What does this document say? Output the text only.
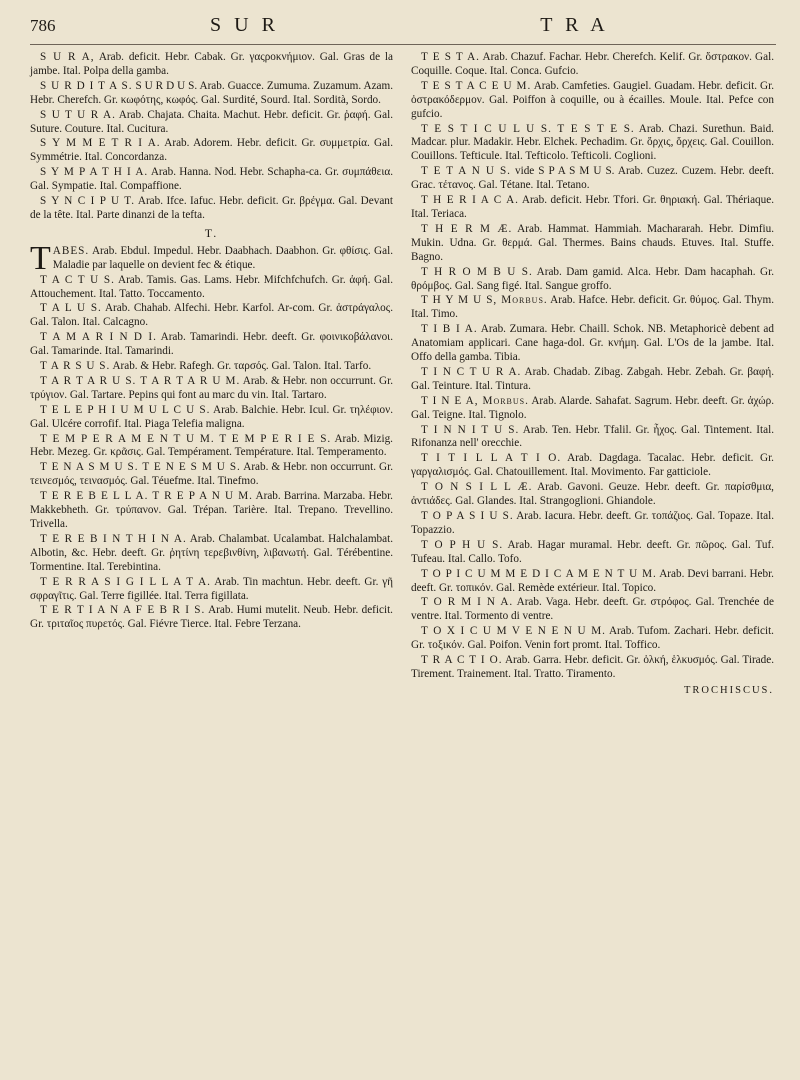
786	S U R	T R A

S U R A, Arab. deficit. Hebr. Cabak. Gr. γαςροκνήμιον. Gal. Gras de la jambe. Ital. Polpa della gamba.

S U R D I T A S. S U R D U S. Arab. Guacce. Zumuma. Zuzamum. Azam. Hebr. Cherefch. Gr. κωφότης, κωφός. Gal. Surdité, Sourd. Ital. Sordità, Sordo.

S U T U R A. Arab. Chajata. Chaita. Machut. Hebr. deficit. Gr. ῥαφή. Gal. Suture. Couture. Ital. Cucitura.

S Y M M E T R I A. Arab. Adorem. Hebr. deficit. Gr. συμμετρία. Gal. Symmétrie. Ital. Concordanza.

S Y M P A T H I A. Arab. Hanna. Nod. Hebr. Schapha-ca. Gr. συμπάθεια. Gal. Sympatie. Ital. Compaffione.

S Y N C I P U T. Arab. Ifce. Iafuc. Hebr. deficit. Gr. βρέγμα. Gal. Devant de la tête. Ital. Parte dinanzi de la tefta.

T.

TABES. Arab. Ebdul. Impedul. Hebr. Daabhach. Daabhon. Gr. φθίσις. Gal. Maladie par laquelle on devient fec & étique.

T A C T U S. Arab. Tamis. Gas. Lams. Hebr. Mifchfchufch. Gr. ἀφή. Gal. Attouchement. Ital. Tatto. Toccamento.

T A L U S. Arab. Chahab. Alfechi. Hebr. Karfol. Ar-com. Gr. ἀστράγαλος. Gal. Talon. Ital. Calcagno.

T A M A R I N D I. Arab. Tamarindi. Hebr. deeft. Gr. φοινικοβάλανοι. Gal. Tamarinde. Ital. Tamarindi.

T A R S U S. Arab. & Hebr. Rafegh. Gr. ταρσός. Gal. Talon. Ital. Tarfo.

T A R T A R U S. T A R T A R U M. Arab. & Hebr. non occurrunt. Gr. τρύγιον. Gal. Tartare. Pepins qui font au marc du vin. Ital. Tartaro.

T E L E P H I U M U L C U S. Arab. Balchie. Hebr. Icul. Gr. τηλέφιον. Gal. Ulcére corrofif. Ital. Piaga Telefia maligna.

T E M P E R A M E N T U M. T E M P E R I E S. Arab. Mizig. Hebr. Mezeg. Gr. κρᾶσις. Gal. Tempérament. Température. Ital. Temperamento.

T E N A S M U S. T E N E S M U S. Arab. & Hebr. non occurrunt. Gr. τεινεσμός, τεινασμός. Gal. Téuefme. Ital. Tinefmo.

T E R E B E L L A. T R E P A N U M. Arab. Barrina. Marzaba. Hebr. Makkebheth. Gr. τρύπανον. Gal. Trépan. Tarière. Ital. Trepano. Trevellino. Trivella.

T E R E B I N T H I N A. Arab. Chalambat. Ucalambat. Halchalambat. Albotin, &c. Hebr. deeft. Gr. ῥητίνη τερεβινθίνη, λιβανωτή. Gal. Térébentine. Tormentine. Ital. Terebintina.

T E R R A S I G I L L A T A. Arab. Tin machtun. Hebr. deeft. Gr. γῆ σφραγῖτις. Gal. Terre figillée. Ital. Terra figillata.

T E R T I A N A F E B R I S. Arab. Humi mutelit. Neub. Hebr. deficit. Gr. τριταῖος πυρετός. Gal. Fiévre Tierce. Ital. Febre Terzana.

T E S T A. Arab. Chazuf. Fachar. Hebr. Cherefch. Kelif. Gr. ὄστρακον. Gal. Coquille. Coque. Ital. Conca. Gufcio.

T E S T A C E U M. Arab. Camfeties. Gaugiel. Guadam. Hebr. deficit. Gr. ὀστρακόδερμον. Gal. Poiffon à coquille, ou à écailles. Moule. Ital. Pefce con gufcio.

T E S T I C U L U S. T E S T E S. Arab. Chazi. Surethun. Baid. Madcar. plur. Madakir. Hebr. Elchek. Pechadim. Gr. ὄρχις, ὄρχεις. Gal. Couillon. Couillons. Tefticule. Ital. Tefticolo. Tefticoli. Coglioni.

T E T A N U S. vide S P A S M U S. Arab. Cuzez. Cuzem. Hebr. deeft. Grac. τέτανος. Gal. Tétane. Ital. Tetano.

T H E R I A C A. Arab. deficit. Hebr. Tfori. Gr. θηριακή. Gal. Thériaque. Ital. Teriaca.

T H E R M Æ. Arab. Hammat. Hammiah. Machararah. Hebr. Dimfiu. Mukin. Udna. Gr. θερμά. Gal. Thermes. Bains chauds. Etuves. Ital. Stuffe. Bagno.

T H R O M B U S. Arab. Dam gamid. Alca. Hebr. Dam hacaphah. Gr. θρόμβος. Gal. Sang figé. Ital. Sangue groffo.

T H Y M U S, Morbus. Arab. Hafce. Hebr. deficit. Gr. θύμος. Gal. Thym. Ital. Timo.

T I B I A. Arab. Zumara. Hebr. Chaill. Schok. NB. Metaphoricè debent ad Anatomiam applicari. Cane haga-dol. Gr. κνήμη. Gal. L'Os de la jambe. Ital. Offo della gamba. Tibia.

T I N C T U R A. Arab. Chadab. Zibag. Zabgah. Hebr. Zebah. Gr. βαφή. Gal. Teinture. Ital. Tintura.

T I N E A, Morbus. Arab. Alarde. Sahafat. Sagrum. Hebr. deeft. Gr. ἀχώρ. Gal. Teigne. Ital. Tignolo.

T I N N I T U S. Arab. Ten. Hebr. Tfalil. Gr. ἦχος. Gal. Tintement. Ital. Rifonanza nell' orecchie.

T I T I L L A T I O. Arab. Dagdaga. Tacalac. Hebr. deficit. Gr. γαργαλισμός. Gal. Chatouillement. Ital. Movimento. Far gatticiole.

T O N S I L L Æ. Arab. Gavoni. Geuze. Hebr. deeft. Gr. παρίσθμια, ἀντιάδες. Gal. Glandes. Ital. Strangoglioni. Ghiandole.

T O P A S I U S. Arab. Iacura. Hebr. deeft. Gr. τοπάζιος. Gal. Topaze. Ital. Topazzio.

T O P H U S. Arab. Hagar muramal. Hebr. deeft. Gr. πῶρος. Gal. Tuf. Tufeau. Ital. Callo. Tofo.

T O P I C U M M E D I C A M E N T U M. Arab. Devi barrani. Hebr. deeft. Gr. τοπικόν. Gal. Remède extérieur. Ital. Topico.

T O R M I N A. Arab. Vaga. Hebr. deeft. Gr. στρόφος. Gal. Trenchée de ventre. Ital. Tormento di ventre.

T O X I C U M V E N E N U M. Arab. Tufom. Zachari. Hebr. deficit. Gr. τοξικόν. Gal. Poifon. Venin fort promt. Ital. Toffico.

T R A C T I O. Arab. Garra. Hebr. deficit. Gr. ὁλκή, ἑλκυσμός. Gal. Tirade. Tirement. Trainement. Ital. Tratto. Tiramento.

TROCHISCUS.
